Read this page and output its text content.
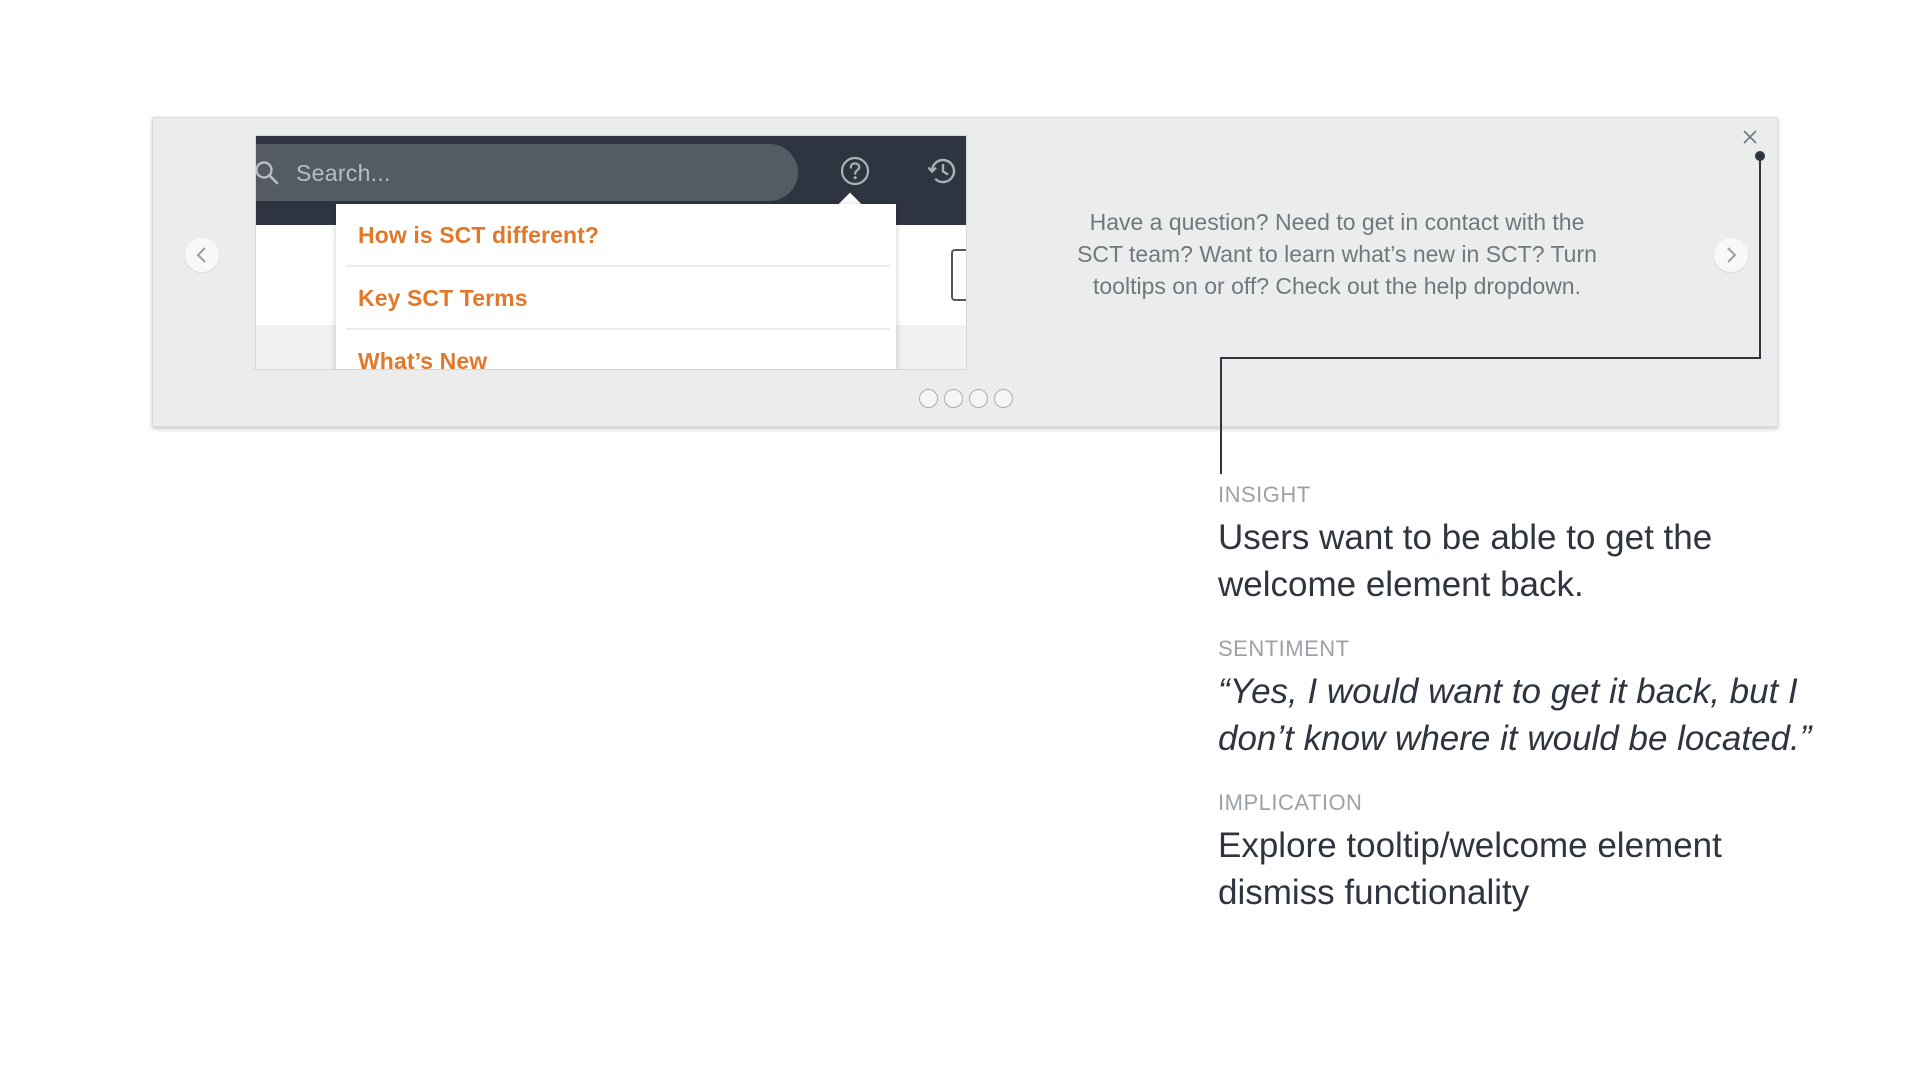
Search...
How is SCT different?
Key SCT Terms
What’s New
Have a question? Need to get in contact with the SCT team? Want to learn what’s new in SCT? Turn tooltips on or off? Check out the help dropdown.
INSIGHT
Users want to be able to get the welcome element back.
SENTIMENT
“Yes, I would want to get it back, but I don’t know where it would be located.”
IMPLICATION
Explore tooltip/welcome element dismiss functionality
